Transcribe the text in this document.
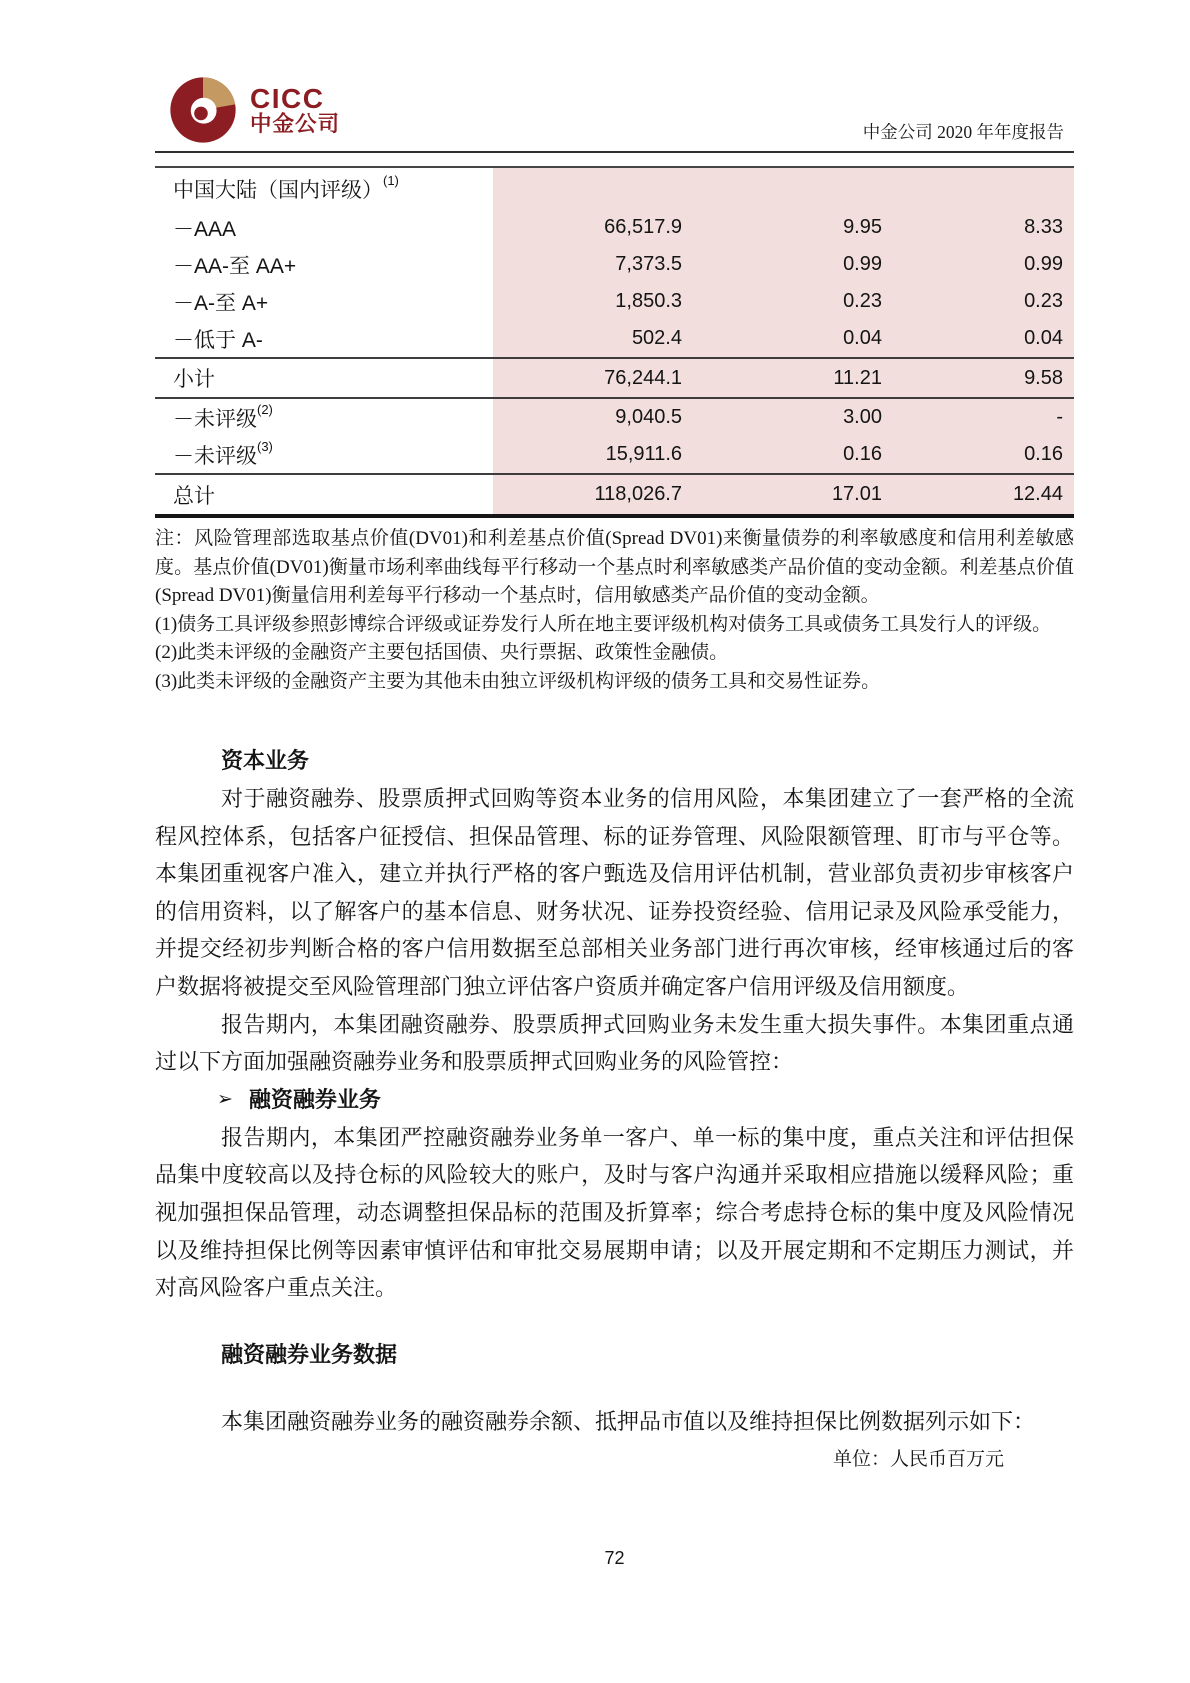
CICC
中金公司	中金公司 2020 年年度报告
中国大陆（国内评级） (1)
－AAA	66,517.9	9.95	8.33
－AA-至 AA+	7,373.5	0.99	0.99
－A-至 A+	1,850.3	0.23	0.23
－低于 A-	502.4	0.04	0.04
小计	76,244.1	11.21	9.58
－未评级 (2)	9,040.5	3.00	-
－未评级 (3)	15,911.6	0.16	0.16
总计	118,026.7	17.01	12.44

注：风险管理部选取基点价值(DV01)和利差基点价值(Spread DV01)来衡量债券的利率敏感度和信用利差敏感度。基点价值(DV01)衡量市场利率曲线每平行移动一个基点时利率敏感类产品价值的变动金额。利差基点价值(Spread DV01)衡量信用利差每平行移动一个基点时，信用敏感类产品价值的变动金额。

(1)债务工具评级参照彭博综合评级或证券发行人所在地主要评级机构对债务工具或债务工具发行人的评级。

(2)此类未评级的金融资产主要包括国债、央行票据、政策性金融债。

(3)此类未评级的金融资产主要为其他未由独立评级机构评级的债务工具和交易性证券。

资本业务

对于融资融券、股票质押式回购等资本业务的信用风险，本集团建立了一套严格的全流程风控体系，包括客户征授信、担保品管理、标的证券管理、风险限额管理、盯市与平仓等。本集团重视客户准入，建立并执行严格的客户甄选及信用评估机制，营业部负责初步审核客户的信用资料，以了解客户的基本信息、财务状况、证券投资经验、信用记录及风险承受能力，并提交经初步判断合格的客户信用数据至总部相关业务部门进行再次审核，经审核通过后的客户数据将被提交至风险管理部门独立评估客户资质并确定客户信用评级及信用额度。

报告期内，本集团融资融券、股票质押式回购业务未发生重大损失事件。本集团重点通过以下方面加强融资融券业务和股票质押式回购业务的风险管控：

➢ 融资融券业务

报告期内，本集团严控融资融券业务单一客户、单一标的集中度，重点关注和评估担保品集中度较高以及持仓标的风险较大的账户，及时与客户沟通并采取相应措施以缓释风险；重视加强担保品管理，动态调整担保品标的范围及折算率；综合考虑持仓标的集中度及风险情况以及维持担保比例等因素审慎评估和审批交易展期申请；以及开展定期和不定期压力测试，并对高风险客户重点关注。

融资融券业务数据

本集团融资融券业务的融资融券余额、抵押品市值以及维持担保比例数据列示如下：

单位：人民币百万元
72
